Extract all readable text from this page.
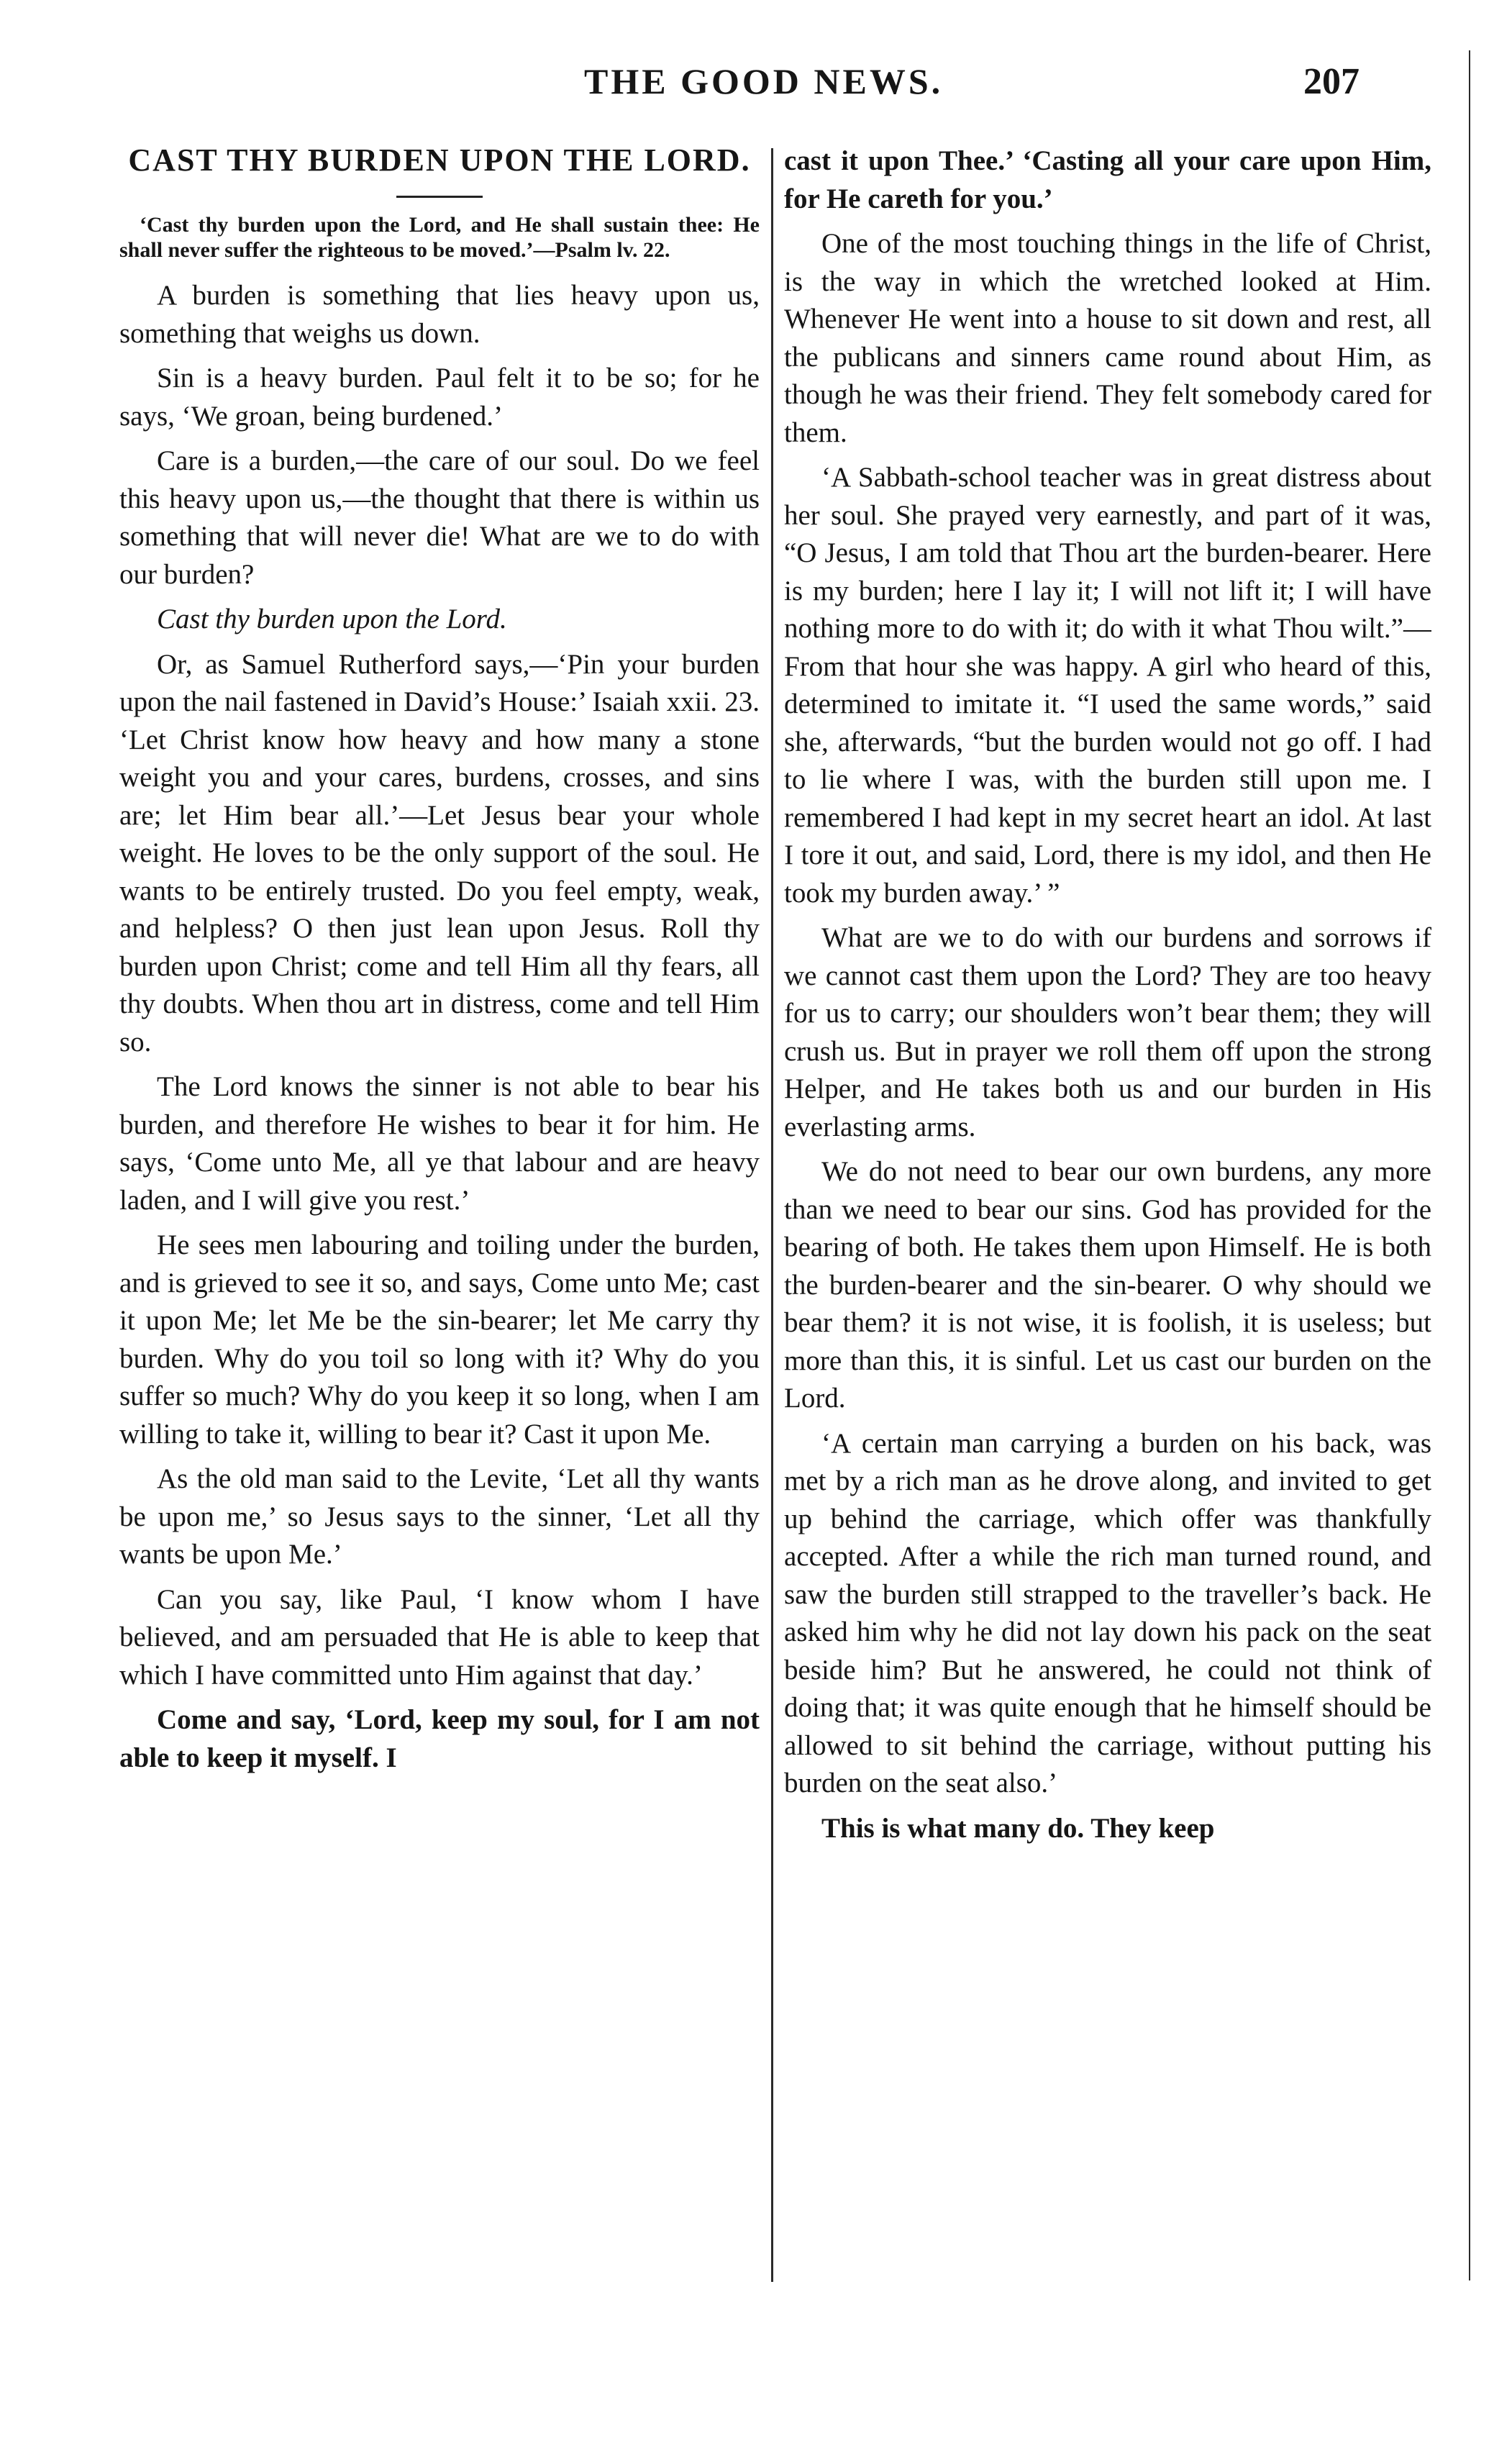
THE GOOD NEWS.	207
CAST THY BURDEN UPON THE LORD.
‘Cast thy burden upon the Lord, and He shall sustain thee: He shall never suffer the righteous to be moved.’—Psalm lv. 22.

A burden is something that lies heavy upon us, something that weighs us down.

Sin is a heavy burden. Paul felt it to be so; for he says, ‘We groan, being burdened.’

Care is a burden,—the care of our soul. Do we feel this heavy upon us,—the thought that there is within us something that will never die! What are we to do with our burden?

Cast thy burden upon the Lord.

Or, as Samuel Rutherford says,—‘Pin your burden upon the nail fastened in David’s House:’ Isaiah xxii. 23. ‘Let Christ know how heavy and how many a stone weight you and your cares, burdens, crosses, and sins are; let Him bear all.’—Let Jesus bear your whole weight. He loves to be the only support of the soul. He wants to be entirely trusted. Do you feel empty, weak, and helpless? O then just lean upon Jesus. Roll thy burden upon Christ; come and tell Him all thy fears, all thy doubts. When thou art in distress, come and tell Him so.

The Lord knows the sinner is not able to bear his burden, and therefore He wishes to bear it for him. He says, ‘Come unto Me, all ye that labour and are heavy laden, and I will give you rest.’

He sees men labouring and toiling under the burden, and is grieved to see it so, and says, Come unto Me; cast it upon Me; let Me be the sin-bearer; let Me carry thy burden. Why do you toil so long with it? Why do you suffer so much? Why do you keep it so long, when I am willing to take it, willing to bear it? Cast it upon Me.

As the old man said to the Levite, ‘Let all thy wants be upon me,’ so Jesus says to the sinner, ‘Let all thy wants be upon Me.’

Can you say, like Paul, ‘I know whom I have believed, and am persuaded that He is able to keep that which I have committed unto Him against that day.’

Come and say, ‘Lord, keep my soul, for I am not able to keep it myself. I

cast it upon Thee.’ ‘Casting all your care upon Him, for He careth for you.’

One of the most touching things in the life of Christ, is the way in which the wretched looked at Him. Whenever He went into a house to sit down and rest, all the publicans and sinners came round about Him, as though he was their friend. They felt somebody cared for them.

‘A Sabbath-school teacher was in great distress about her soul. She prayed very earnestly, and part of it was, “O Jesus, I am told that Thou art the burden-bearer. Here is my burden; here I lay it; I will not lift it; I will have nothing more to do with it; do with it what Thou wilt.”—From that hour she was happy. A girl who heard of this, determined to imitate it. “I used the same words,” said she, afterwards, “but the burden would not go off. I had to lie where I was, with the burden still upon me. I remembered I had kept in my secret heart an idol. At last I tore it out, and said, Lord, there is my idol, and then He took my burden away.’ ”

What are we to do with our burdens and sorrows if we cannot cast them upon the Lord? They are too heavy for us to carry; our shoulders won’t bear them; they will crush us. But in prayer we roll them off upon the strong Helper, and He takes both us and our burden in His everlasting arms.

We do not need to bear our own burdens, any more than we need to bear our sins. God has provided for the bearing of both. He takes them upon Himself. He is both the burden-bearer and the sin-bearer. O why should we bear them? it is not wise, it is foolish, it is useless; but more than this, it is sinful. Let us cast our burden on the Lord.

‘A certain man carrying a burden on his back, was met by a rich man as he drove along, and invited to get up behind the carriage, which offer was thankfully accepted. After a while the rich man turned round, and saw the burden still strapped to the traveller’s back. He asked him why he did not lay down his pack on the seat beside him? But he answered, he could not think of doing that; it was quite enough that he himself should be allowed to sit behind the carriage, without putting his burden on the seat also.’

This is what many do. They keep
